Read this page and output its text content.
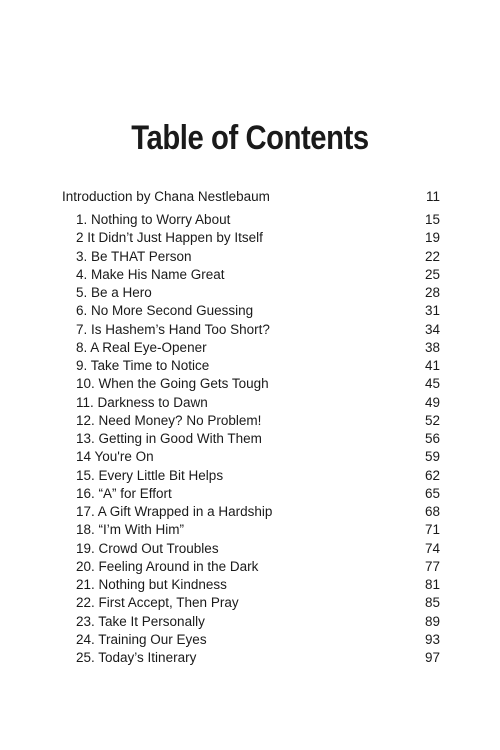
Table of Contents
Introduction by Chana Nestlebaum	11
1. Nothing to Worry About	15
2 It Didn’t Just Happen by Itself	19
3. Be THAT Person	22
4. Make His Name Great	25
5. Be a Hero	28
6. No More Second Guessing	31
7. Is Hashem’s Hand Too Short?	34
8. A Real Eye-Opener	38
9. Take Time to Notice	41
10. When the Going Gets Tough	45
11. Darkness to Dawn	49
12. Need Money? No Problem!	52
13. Getting in Good With Them	56
14 You're On	59
15. Every Little Bit Helps	62
16. “A” for Effort	65
17. A Gift Wrapped in a Hardship	68
18. “I’m With Him”	71
19. Crowd Out Troubles	74
20. Feeling Around in the Dark	77
21. Nothing but Kindness	81
22. First Accept, Then Pray	85
23. Take It Personally	89
24. Training Our Eyes	93
25. Today’s Itinerary	97
